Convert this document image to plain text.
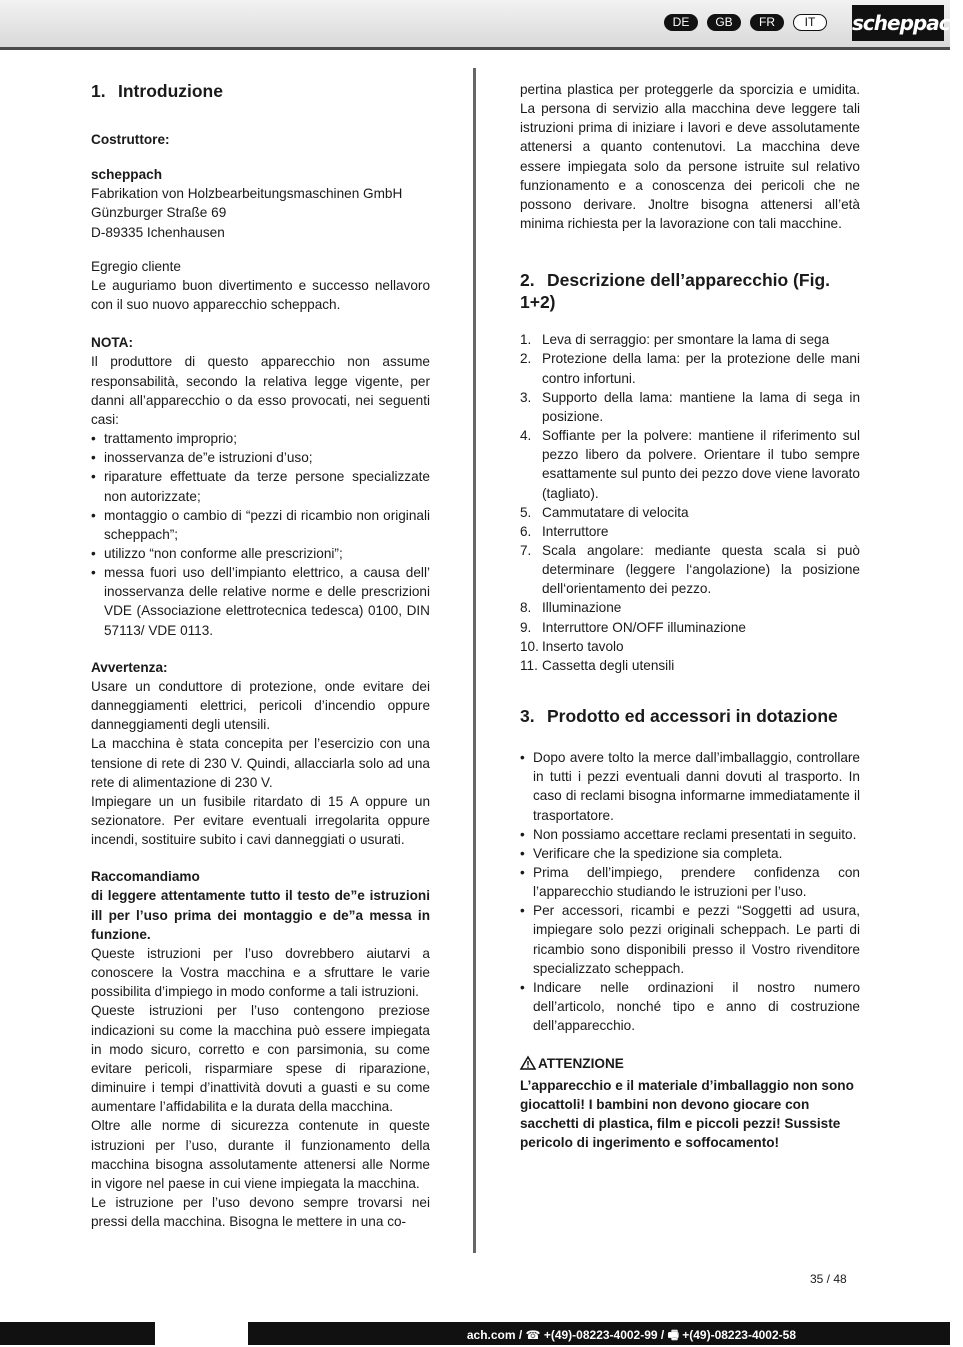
DE	GB	FR	IT	scheppach

1. Introduzione

Costruttore:

scheppach

Fabrikation von Holzbearbeitungsmaschinen GmbH

Günzburger Straße 69

D-89335 Ichenhausen

Egregio cliente

Le auguriamo buon divertimento e successo nellavoro con il suo nuovo apparecchio scheppach.

NOTA:

Il produttore di questo apparecchio non assume responsabilità, secondo la relativa legge vigente, per danni all’apparecchio o da esso provocati, nei seguenti casi:

• trattamento improprio;
• inosservanza de”e istruzioni d’uso;
• riparature effettuate da terze persone specializzate non autorizzate;
• montaggio o cambio di “pezzi di ricambio non originali scheppach”;
• utilizzo “non conforme alle prescrizioni”;
• messa fuori uso dell’impianto elettrico, a causa dell’ inosservanza delle relative norme e delle prescrizioni VDE (Associazione elettrotecnica tedesca) 0100, DIN 57113/ VDE 0113.

Avvertenza:

Usare un conduttore di protezione, onde evitare dei danneggiamenti elettrici, pericoli d’incendio oppure danneggiamenti degli utensili.

La macchina è stata concepita per l’esercizio con una tensione di rete di 230 V. Quindi, allacciarla solo ad una rete di alimentazione di 230 V.

Impiegare un un fusibile ritardato di 15 A oppure un sezionatore. Per evitare eventuali irregolarita oppure incendi, sostituire subito i cavi danneggiati o usurati.

Raccomandiamo

di leggere attentamente tutto il testo de”e istruzioni ill per l’uso prima dei montaggio e de”a messa in funzione.

Queste istruzioni per l’uso dovrebbero aiutarvi a conoscere la Vostra macchina e a sfruttare le varie possibilita d’impiego in modo conforme a tali istruzioni.

Queste istruzioni per l’uso contengono preziose indicazioni su come la macchina può essere impiegata in modo sicuro, corretto e con parsimonia, su come evitare pericoli, risparmiare spese di riparazione, diminuire i tempi d’inattività dovuti a guasti e su come aumentare l’affidabilita e la durata della macchina.

Oltre alle norme di sicurezza contenute in queste istruzioni per l’uso, durante il funzionamento della macchina bisogna assolutamente attenersi alle Norme in vigore nel paese in cui viene impiegata la macchina.

Le istruzione per l’uso devono sempre trovarsi nei pressi della macchina. Bisogna le mettere in una co-

pertina plastica per proteggerle da sporcizia e umidita. La persona di servizio alla macchina deve leggere tali istruzioni prima di iniziare i lavori e deve assolutamente attenersi a quanto contenutovi. La macchina deve essere impiegata solo da persone istruite sul relativo funzionamento e a conoscenza dei pericoli che ne possono derivare. Jnoltre bisogna attenersi all’età minima richiesta per la lavorazione con tali macchine.

2. Descrizione dell’apparecchio (Fig. 1+2)

1. Leva di serraggio: per smontare la lama di sega
2. Protezione della lama: per la protezione delle mani contro infortuni.
3. Supporto della lama: mantiene la lama di sega in posizione.
4. Soffiante per la polvere: mantiene il riferimento sul pezzo libero da polvere. Orientare il tubo sempre esattamente sul punto dei pezzo dove viene lavorato (tagliato).
5. Cammutatare di velocita
6. Interruttore
7. Scala angolare: mediante questa scala si può determinare (leggere l‘angolazione) la posizione dell‘orientamento dei pezzo.
8. Illuminazione
9. Interruttore ON/OFF illuminazione
10. Inserto tavolo
11. Cassetta degli utensili

3. Prodotto ed accessori in dotazione

• Dopo avere tolto la merce dall’imballaggio, controllare in tutti i pezzi eventuali danni dovuti al trasporto. In caso di reclami bisogna informarne immediatamente il trasportatore.
• Non possiamo accettare reclami presentati in seguito.
• Verificare che la spedizione sia completa.
• Prima dell’impiego, prendere confidenza con l’apparecchio studiando le istruzioni per l’uso.
• Per accessori, ricambi e pezzi “Soggetti ad usura, impiegare solo pezzi originali scheppach. Le parti di ricambio sono disponibili presso il Vostro rivenditore specializzato scheppach.
• Indicare nelle ordinazioni il nostro numero dell’articolo, nonché tipo e anno di costruzione dell’apparecchio.

ATTENZIONE

L’apparecchio e il materiale d’imballaggio non sono giocattoli! I bambini non devono giocare con sacchetti di plastica, film e piccoli pezzi! Sussiste pericolo di ingerimento e soffocamento!

35 / 48
ach.com / ☎ +(49)-08223-4002-99 / 🖷 +(49)-08223-4002-58
